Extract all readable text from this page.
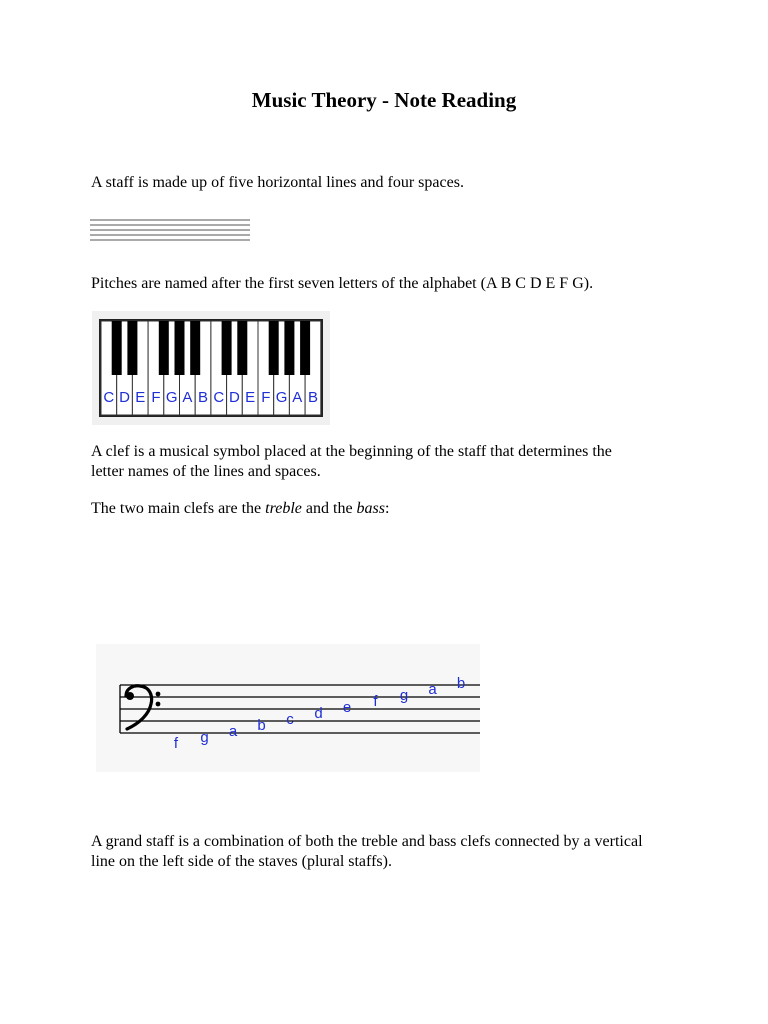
Music Theory - Note Reading

A staff is made up of five horizontal lines and four spaces.

Pitches are named after the first seven letters of the alphabet (A B C D E F G).

C D E F G A B C D E F G A B

A clef is a musical symbol placed at the beginning of the staff that determines the

letter names of the lines and spaces.

The two main clefs are the treble and the bass:

f g a b c d e f g a b

A grand staff is a combination of both the treble and bass clefs connected by a vertical

line on the left side of the staves (plural staffs).
